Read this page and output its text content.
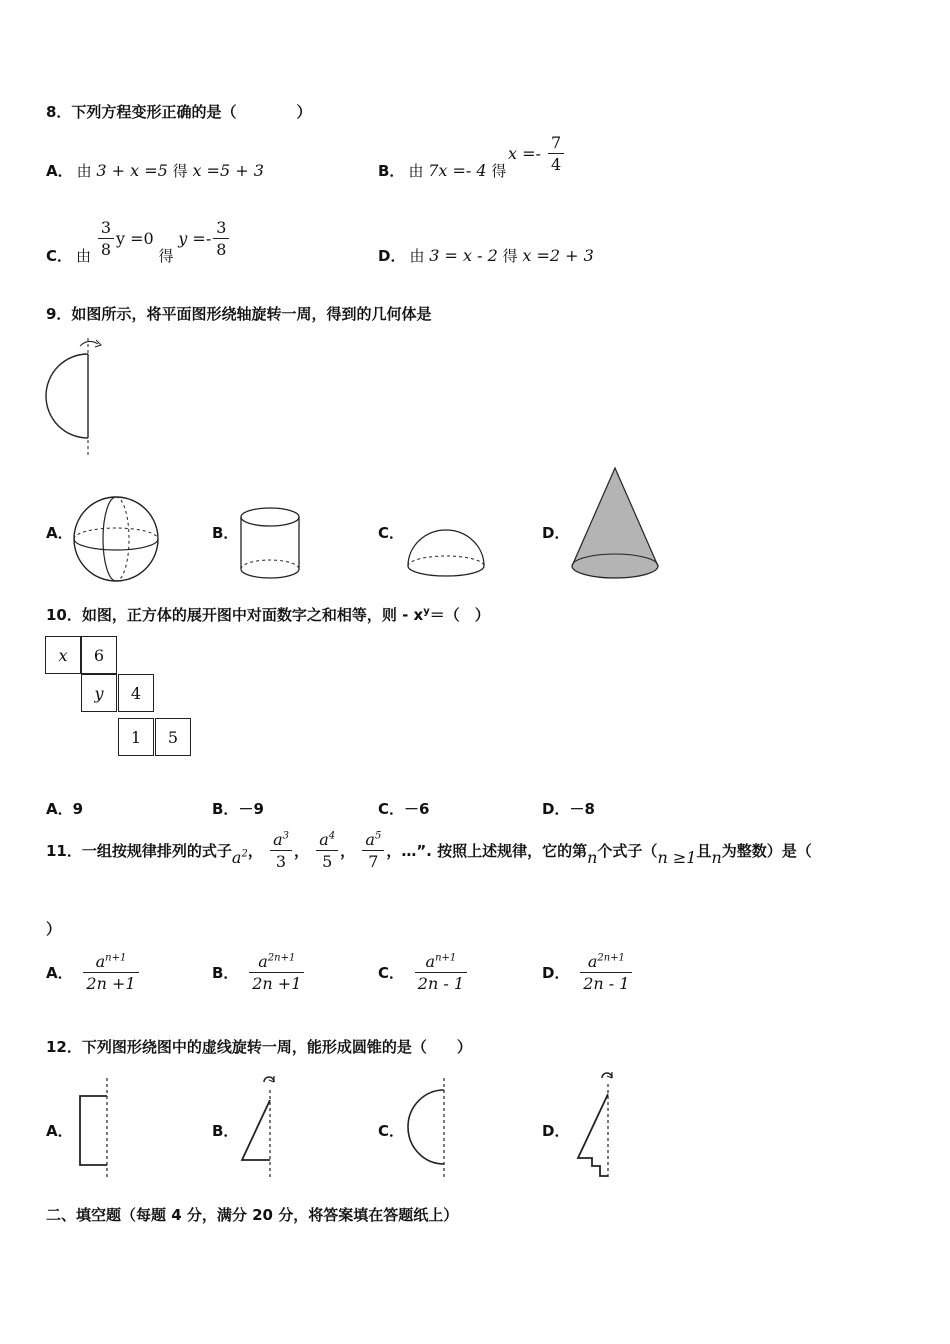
8．下列方程变形正确的是（　　　　）
A． 由 3 + x =5 得 x =5 + 3	B． 由 7x =- 4 得
$x =- \frac{7}{4}$
C． 由 $\frac{3}{8}$ y =0 得 $y =- \frac{3}{8}$	D． 由 3 = x - 2 得 x =2 + 3
9．如图所示，将平面图形绕轴旋转一周，得到的几何体是
A．	B．	C．	D．
10．如图，正方体的展开图中对面数字之和相等，则 - $x^y=$（　）
x	6
y	4
1	5
A．9	B．－9	C．－6	D．－8
11．一组按规律排列的式子$a^2$， $\frac{a^3}{3}$ ， $\frac{a^4}{5}$ ， $\frac{a^5}{7}$ ，…”. 按照上述规律，它的第n个式子（n ≥1且n为整数）是（
）
A． $\frac{a^{n+1}}{2n +1}$	B． $\frac{a^{2n+1}}{2n +1}$	C． $\frac{a^{n+1}}{2n - 1}$	D． $\frac{a^{2n+1}}{2n - 1}$
12．下列图形绕图中的虚线旋转一周，能形成圆锥的是（　　）
A．	B．	C．	D．
二、填空题（每题 4 分，满分 20 分，将答案填在答题纸上）
